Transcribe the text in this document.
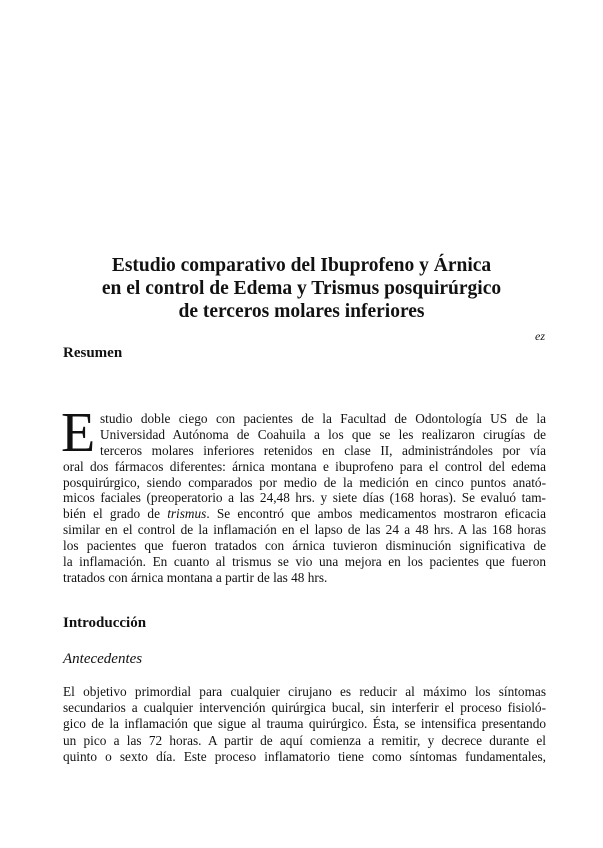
Estudio comparativo del Ibuprofeno y Árnica
en el control de Edema y Trismus posquirúrgico
de terceros molares inferiores
ez
Resumen
E studio doble ciego con pacientes de la Facultad de Odontología US de la
Universidad Autónoma de Coahuila a los que se les realizaron cirugías de
terceros molares inferiores retenidos en clase II, administrándoles por vía
oral dos fármacos diferentes: árnica montana e ibuprofeno para el control del edema
posquirúrgico, siendo comparados por medio de la medición en cinco puntos anató-
micos faciales (preoperatorio a las 24,48 hrs. y siete días (168 horas). Se evaluó tam-
bién el grado de trismus. Se encontró que ambos medicamentos mostraron eficacia
similar en el control de la inflamación en el lapso de las 24 a 48 hrs. A las 168 horas
los pacientes que fueron tratados con árnica tuvieron disminución significativa de
la inflamación. En cuanto al trismus se vio una mejora en los pacientes que fueron
tratados con árnica montana a partir de las 48 hrs.
Introducción
Antecedentes
El objetivo primordial para cualquier cirujano es reducir al máximo los síntomas
secundarios a cualquier intervención quirúrgica bucal, sin interferir el proceso fisioló-
gico de la inflamación que sigue al trauma quirúrgico. Ésta, se intensifica presentando
un pico a las 72 horas. A partir de aquí comienza a remitir, y decrece durante el
quinto o sexto día. Este proceso inflamatorio tiene como síntomas fundamentales,
